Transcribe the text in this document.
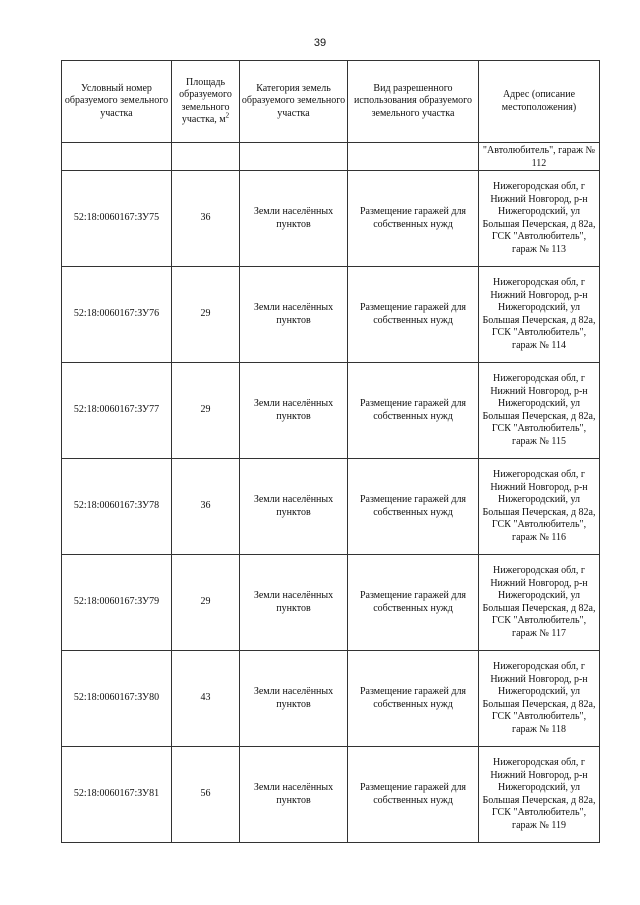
39
Условный номер образуемого земельного участка	Площадь образуемого земельного участка, $м^2$	Категория земель образуемого земельного участка	Вид разрешенного использования образуемого земельного участка	Адрес (описание местоположения)
				"Автолюбитель", гараж № 112
52:18:0060167:ЗУ75	36	Земли населённых пунктов	Размещение гаражей для собственных нужд	Нижегородская обл, г Нижний Новгород, р-н Нижегородский, ул Большая Печерская, д 82а, ГСК "Автолюбитель", гараж № 113
52:18:0060167:ЗУ76	29	Земли населённых пунктов	Размещение гаражей для собственных нужд	Нижегородская обл, г Нижний Новгород, р-н Нижегородский, ул Большая Печерская, д 82а, ГСК "Автолюбитель", гараж № 114
52:18:0060167:ЗУ77	29	Земли населённых пунктов	Размещение гаражей для собственных нужд	Нижегородская обл, г Нижний Новгород, р-н Нижегородский, ул Большая Печерская, д 82а, ГСК "Автолюбитель", гараж № 115
52:18:0060167:ЗУ78	36	Земли населённых пунктов	Размещение гаражей для собственных нужд	Нижегородская обл, г Нижний Новгород, р-н Нижегородский, ул Большая Печерская, д 82а, ГСК "Автолюбитель", гараж № 116
52:18:0060167:ЗУ79	29	Земли населённых пунктов	Размещение гаражей для собственных нужд	Нижегородская обл, г Нижний Новгород, р-н Нижегородский, ул Большая Печерская, д 82а, ГСК "Автолюбитель", гараж № 117
52:18:0060167:ЗУ80	43	Земли населённых пунктов	Размещение гаражей для собственных нужд	Нижегородская обл, г Нижний Новгород, р-н Нижегородский, ул Большая Печерская, д 82а, ГСК "Автолюбитель", гараж № 118
52:18:0060167:ЗУ81	56	Земли населённых пунктов	Размещение гаражей для собственных нужд	Нижегородская обл, г Нижний Новгород, р-н Нижегородский, ул Большая Печерская, д 82а, ГСК "Автолюбитель", гараж № 119
